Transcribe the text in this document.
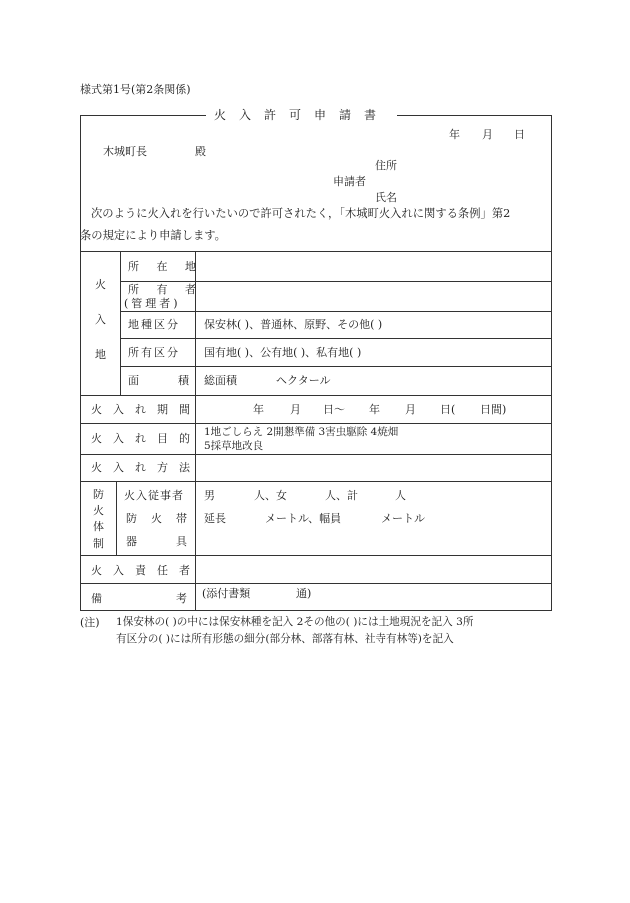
様式第1号(第2条関係)
火入許可申請書
年 月 日
木城町長	殿
住所
申請者
氏名
次のように火入れを行いたいので許可されたく，「木城町火入れに関する条例」第2
条の規定により申請します。
火
入
地
所 在 地
所 有 者
(管理者)
地種区分 保安林( )、普通林、原野、その他( )
所有区分 国有地( )、公有地( )、私有地( )
面	積 総面積	ヘクタール
火入れ期間	年 月 日〜 年 月 日( 日間)
火入れ目的 1地ごしらえ 2開懇準備 3害虫駆除 4焼畑
5採草地改良
火入れ方法
防
火
体
制
火入従事者 男	人、女	人、計	人
防 火 帯 延長	メートル、幅員	メートル
器	具
火入責任者
備	考 (添付書類	通)
(注) 1保安林の( )の中には保安林種を記入 2その他の( )には土地現況を記入 3所
有区分の( )には所有形態の細分(部分林、部落有林、社寺有林等)を記入
